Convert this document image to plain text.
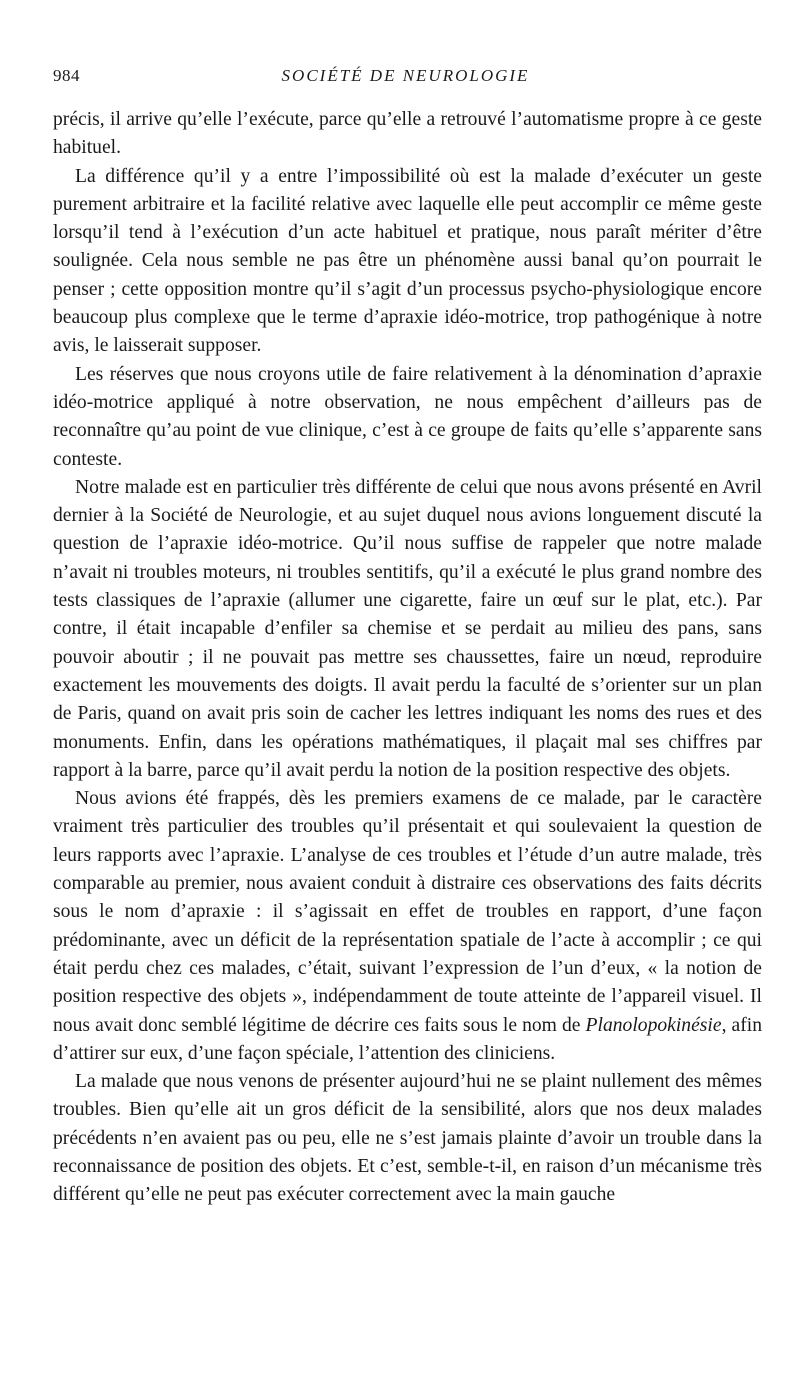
984	SOCIÉTÉ DE NEUROLOGIE

précis, il arrive qu’elle l’exécute, parce qu’elle a retrouvé l’automatisme propre à ce geste habituel.

La différence qu’il y a entre l’impossibilité où est la malade d’exécuter un geste purement arbitraire et la facilité relative avec laquelle elle peut accomplir ce même geste lorsqu’il tend à l’exécution d’un acte habituel et pratique, nous paraît mériter d’être soulignée. Cela nous semble ne pas être un phénomène aussi banal qu’on pourrait le penser ; cette opposition montre qu’il s’agit d’un processus psycho-physiologique encore beaucoup plus complexe que le terme d’apraxie idéo-motrice, trop pathogénique à notre avis, le laisserait supposer.

Les réserves que nous croyons utile de faire relativement à la dénomination d’apraxie idéo-motrice appliqué à notre observation, ne nous empêchent d’ailleurs pas de reconnaître qu’au point de vue clinique, c’est à ce groupe de faits qu’elle s’apparente sans conteste.

Notre malade est en particulier très différente de celui que nous avons présenté en Avril dernier à la Société de Neurologie, et au sujet duquel nous avions longuement discuté la question de l’apraxie idéo-motrice. Qu’il nous suffise de rappeler que notre malade n’avait ni troubles moteurs, ni troubles sentitifs, qu’il a exécuté le plus grand nombre des tests classiques de l’apraxie (allumer une cigarette, faire un œuf sur le plat, etc.). Par contre, il était incapable d’enfiler sa chemise et se perdait au milieu des pans, sans pouvoir aboutir ; il ne pouvait pas mettre ses chaussettes, faire un nœud, reproduire exactement les mouvements des doigts. Il avait perdu la faculté de s’orienter sur un plan de Paris, quand on avait pris soin de cacher les lettres indiquant les noms des rues et des monuments. Enfin, dans les opérations mathématiques, il plaçait mal ses chiffres par rapport à la barre, parce qu’il avait perdu la notion de la position respective des objets.

Nous avions été frappés, dès les premiers examens de ce malade, par le caractère vraiment très particulier des troubles qu’il présentait et qui soulevaient la question de leurs rapports avec l’apraxie. L’analyse de ces troubles et l’étude d’un autre malade, très comparable au premier, nous avaient conduit à distraire ces observations des faits décrits sous le nom d’apraxie : il s’agissait en effet de troubles en rapport, d’une façon prédominante, avec un déficit de la représentation spatiale de l’acte à accomplir ; ce qui était perdu chez ces malades, c’était, suivant l’expression de l’un d’eux, « la notion de position respective des objets », indépendamment de toute atteinte de l’appareil visuel. Il nous avait donc semblé légitime de décrire ces faits sous le nom de Planolopokinésie, afin d’attirer sur eux, d’une façon spéciale, l’attention des cliniciens.

La malade que nous venons de présenter aujourd’hui ne se plaint nullement des mêmes troubles. Bien qu’elle ait un gros déficit de la sensibilité, alors que nos deux malades précédents n’en avaient pas ou peu, elle ne s’est jamais plainte d’avoir un trouble dans la reconnaissance de position des objets. Et c’est, semble-t-il, en raison d’un mécanisme très différent qu’elle ne peut pas exécuter correctement avec la main gauche
